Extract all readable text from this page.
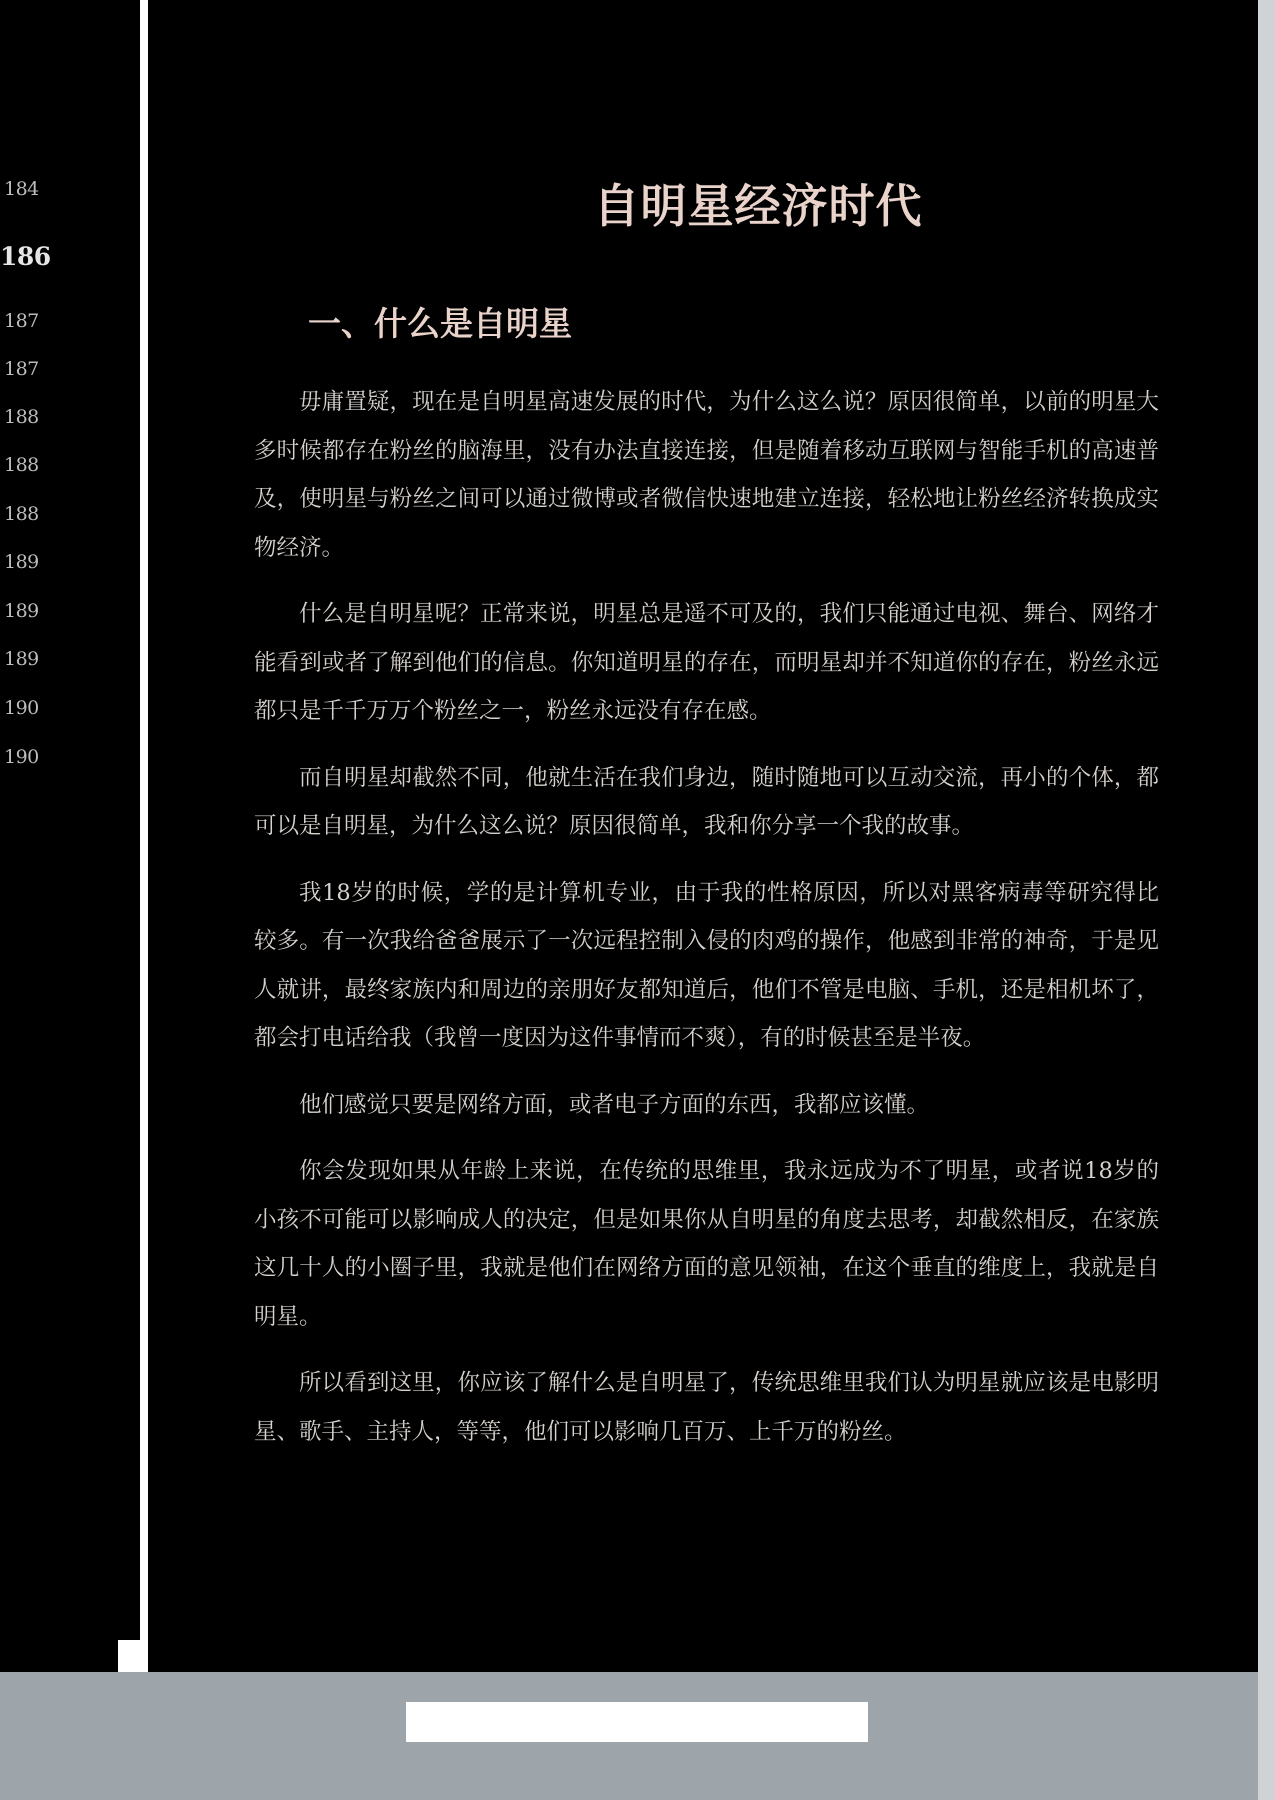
184
186
187
187
188
188
188
189
189
189
190
190
自明星经济时代
一、什么是自明星

毋庸置疑，现在是自明星高速发展的时代，为什么这么说？原因很简单，以前的明星大多时候都存在粉丝的脑海里，没有办法直接连接，但是随着移动互联网与智能手机的高速普及，使明星与粉丝之间可以通过微博或者微信快速地建立连接，轻松地让粉丝经济转换成实物经济。

什么是自明星呢？正常来说，明星总是遥不可及的，我们只能通过电视、舞台、网络才能看到或者了解到他们的信息。你知道明星的存在，而明星却并不知道你的存在，粉丝永远都只是千千万万个粉丝之一，粉丝永远没有存在感。

而自明星却截然不同，他就生活在我们身边，随时随地可以互动交流，再小的个体，都可以是自明星，为什么这么说？原因很简单，我和你分享一个我的故事。

我18岁的时候，学的是计算机专业，由于我的性格原因，所以对黑客病毒等研究得比较多。有一次我给爸爸展示了一次远程控制入侵的肉鸡的操作，他感到非常的神奇，于是见人就讲，最终家族内和周边的亲朋好友都知道后，他们不管是电脑、手机，还是相机坏了，都会打电话给我（我曾一度因为这件事情而不爽），有的时候甚至是半夜。

他们感觉只要是网络方面，或者电子方面的东西，我都应该懂。

你会发现如果从年龄上来说，在传统的思维里，我永远成为不了明星，或者说18岁的小孩不可能可以影响成人的决定，但是如果你从自明星的角度去思考，却截然相反，在家族这几十人的小圈子里，我就是他们在网络方面的意见领袖，在这个垂直的维度上，我就是自明星。

所以看到这里，你应该了解什么是自明星了，传统思维里我们认为明星就应该是电影明星、歌手、主持人，等等，他们可以影响几百万、上千万的粉丝。
